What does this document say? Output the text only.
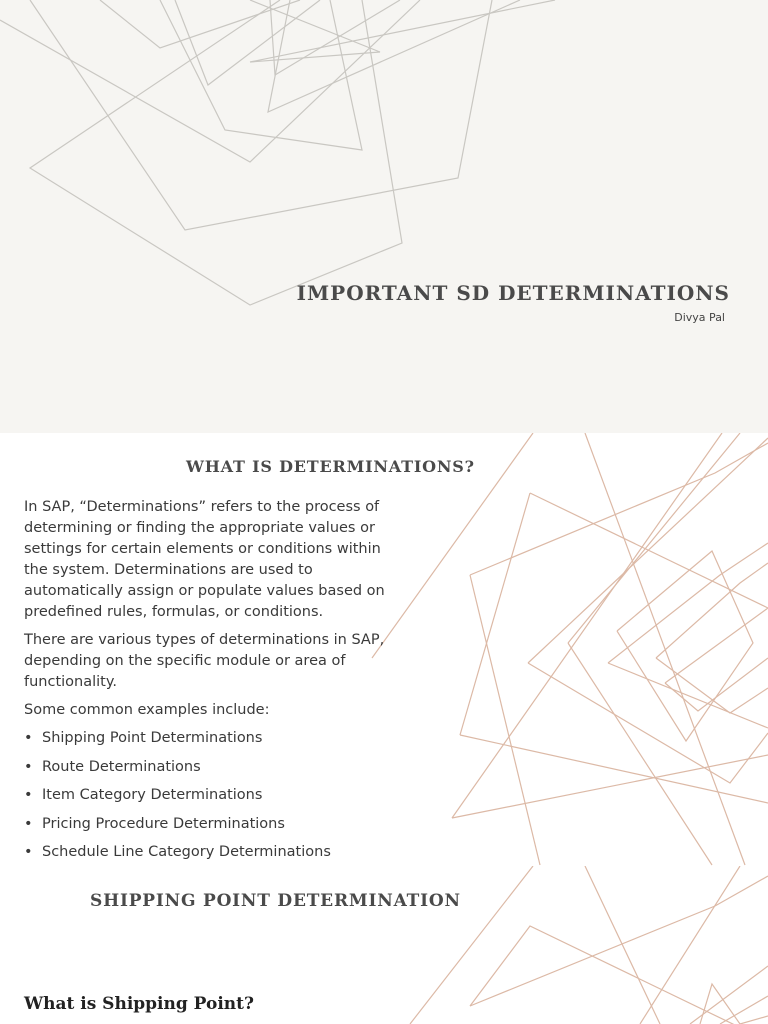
IMPORTANT SD DETERMINATIONS
Divya Pal
WHAT IS DETERMINATIONS?

In SAP, “Determinations” refers to the process of determining or finding the appropriate values or settings for certain elements or conditions within the system. Determinations are used to automatically assign or populate values based on predefined rules, formulas, or conditions.

There are various types of determinations in SAP, depending on the specific module or area of functionality.

Some common examples include:

• Shipping Point Determinations
• Route Determinations
• Item Category Determinations
• Pricing Procedure Determinations
• Schedule Line Category Determinations
SHIPPING POINT DETERMINATION
What is Shipping Point?
